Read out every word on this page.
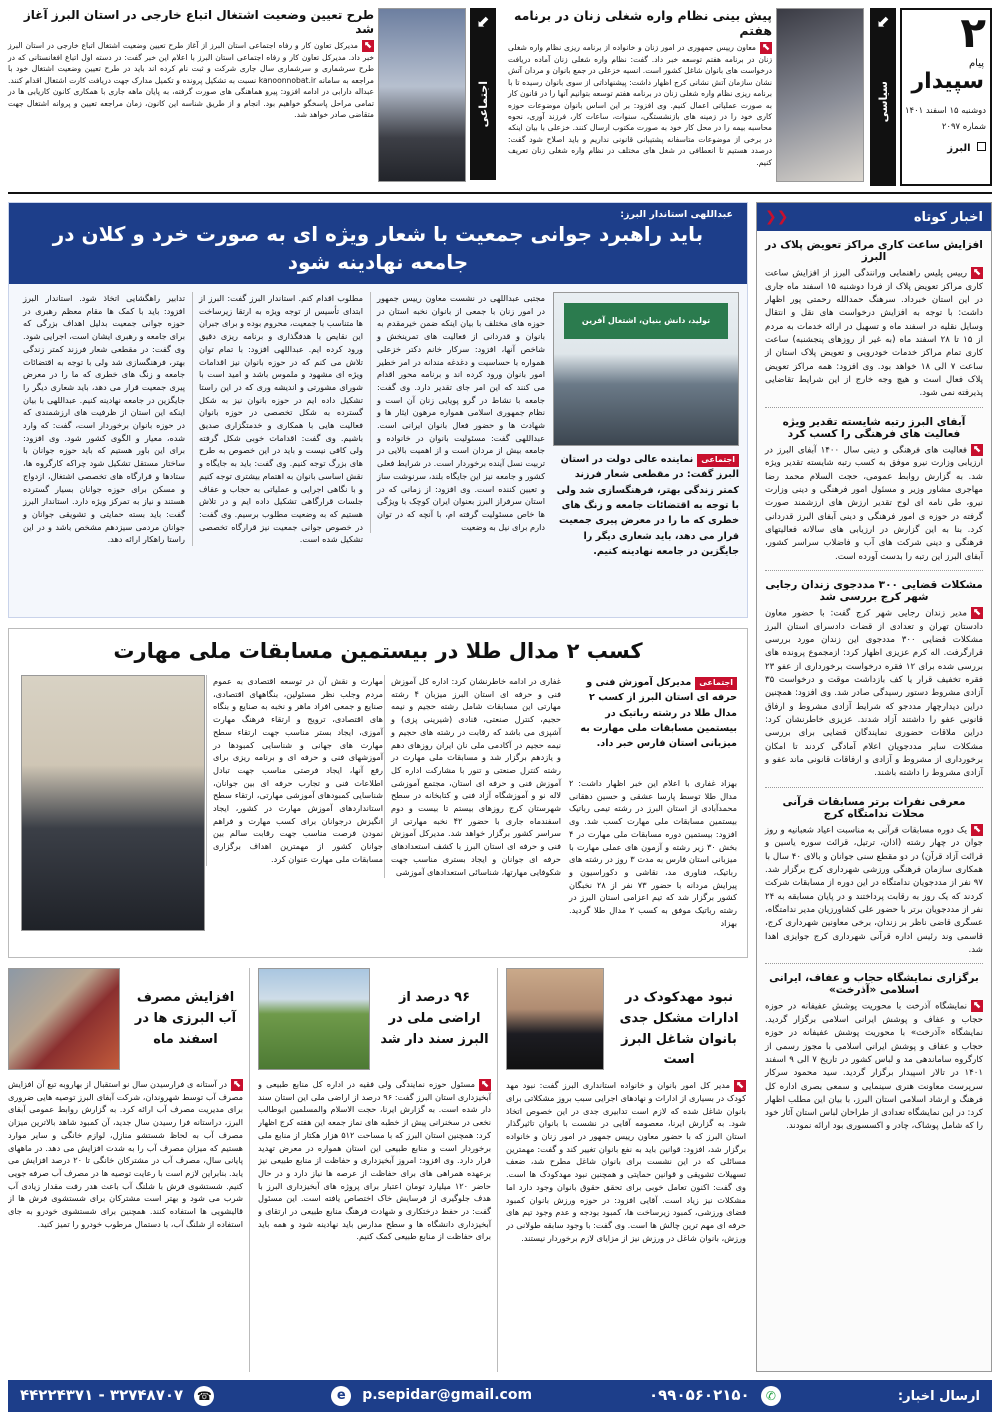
۲
پیام
سپیدار
دوشنبه ۱۵ اسفند ۱۴۰۱
شماره ۲۰۹۷
البرز
⬋
سیاسی
پیش بینی نظام واره شغلی زنان در برنامه هفتم

⬉معاون رییس جمهوری در امور زنان و خانواده از برنامه ریزی نظام واره شغلی زنان در برنامه هفتم توسعه خبر داد. گفت: نظام واره شغلی زنان آماده دریافت درخواست های بانوان شاغل کشور است. انسیه خزعلی در جمع بانوان و مردان آتش نشان سازمان آتش نشانی کرج اظهار داشت: پیشنهاداتی از سوی بانوان رسیده تا با برنامه ریزی نظام واره شغلی زنان در برنامه هفتم توسعه بتوانیم آنها را در قانون کار به صورت عملیاتی اعمال کنیم. وی افزود: بر این اساس بانوان موضوعات حوزه کاری خود را در زمینه های بازنشستگی، سنوات، ساعات کار، فرزند آوری، نحوه محاسبه بیمه را در محل کار خود به صورت مکتوب ارسال کنند. خزعلی با بیان اینکه در برخی از موضوعات متاسفانه پشتیبانی قانونی نداریم و باید اصلاح شود گفت: درصدد هستیم تا انعطافی در شغل های مختلف در نظام واره شغلی زنان تعریف کنیم.

⬋
اجتماعی
طرح تعیین وضعیت اشتغال اتباع خارجی در استان البرز آغاز شد

⬉مدیرکل تعاون کار و رفاه اجتماعی استان البرز از آغاز طرح تعیین وضعیت اشتغال اتباع خارجی در استان البرز خبر داد. مدیرکل تعاون کار و رفاه اجتماعی استان البرز با اعلام این خبر گفت: در دسته اول اتباع افغانستانی که در طرح سرشماری و سرشماری سال جاری شرکت و ثبت نام کرده اند باید در طرح تعیین وضعیت اشتغال خود با مراجعه به سامانه kanoonnobat.ir نسبت به تشکیل پرونده و تکمیل مدارک جهت دریافت کارت اشتغال اقدام کنند. عبداله دارابی در ادامه افزود: پیرو هماهنگی های صورت گرفته، به پایان ماهه جاری با همکاری کانون کاریابی ها در تمامی مراحل پاسخگو خواهیم بود. انجام و از طریق شناسه این کانون، زمان مراجعه تعیین و پروانه اشتغال جهت متقاضی صادر خواهد شد.

اخبار کوتاه
❮❮
افزایش ساعت کاری مراکز تعویض پلاک در البرز

⬉رییس پلیس راهنمایی ورانندگی البرز از افزایش ساعت کاری مراکز تعویض پلاک از فردا دوشنبه ۱۵ اسفند ماه جاری در این استان خبرداد. سرهنگ حمدالله رحمتی پور اظهار داشت: با توجه به افزایش درخواست های نقل و انتقال وسایل نقلیه در اسفند ماه و تسهیل در ارائه خدمات به مردم از ۱۵ تا ۲۸ اسفند ماه (به غیر از روزهای پنجشنبه) ساعت کاری تمام مراکز خدمات خودرویی و تعویض پلاک استان از ساعت ۷ الی ۱۸ خواهد بود. وی افزود: همه مراکز تعویض پلاک فعال است و هیچ وجه خارج از این شرایط تقاضایی پذیرفته نمی شود.

آبفای البرز رتبه شایسته تقدیر ویژه فعالیت های فرهنگی را کسب کرد

⬉فعالیت های فرهنگی و دینی سال ۱۴۰۰ آبفای البرز در ارزیابی وزارت نیرو موفق به کسب رتبه شایسته تقدیر ویژه شد. به گزارش روابط عمومی، حجت السلام محمد رضا مهاجری مشاور وزیر و مسئول امور فرهنگی و دینی وزارت نیرو، طی نامه ای لوح تقدیر ارزش های ارزشمند صورت گرفته در حوزه ی امور فرهنگی و دینی آبفای البرز قدردانی کرد. بنا به این گزارش در ارزیابی های سالانه فعالیتهای فرهنگی و دینی شرکت های آب و فاضلاب سراسر کشور، آبفای البرز این رتبه را بدست آورده است.

مشکلات قضایی ۳۰۰ مددجوی زندان رجایی شهر کرج بررسی شد

⬉مدیر زندان رجایی شهر کرج گفت: با حضور معاون دادستان تهران و تعدادی از قضات دادسرای استان البرز مشکلات قضایی ۳۰۰ مددجوی این زندان مورد بررسی قرارگرفت. اله کرم عزیزی اظهار کرد: ازمجموع پرونده های بررسی شده برای ۱۲ فقره درخواست برخورداری از عفو ۲۳ فقره تخفیف قرار یا کف بازداشت موقت و درخواست ۳۵ آزادی مشروط دستور رسیدگی صادر شد. وی افزود: همچنین دراین دیدارچهار مددجو که شرایط آزادی مشروط و ارفاق قانونی عفو را داشتند آزاد شدند. عزیزی خاطرنشان کرد: دراین ملاقات حضوری نمایندگان قضایی برای بررسی مشکلات سایر مددجویان اعلام آمادگی کردند تا امکان برخورداری از مشروط و آزادی و ارفاقات قانونی ماند عفو و آزادی مشروط را داشته باشند.

معرفی نفرات برتر مسابقات قرآنی محلات ندامتگاه کرج

⬉یک دوره مسابقات قرآنی به مناسبت اعیاد شعبانیه و روز جوان در چهار رشته (اذان، ترتیل، قرائت سوره یاسین و قرائت آزاد قرآن) در دو مقطع سنی جوانان و بالای ۴۰ سال با همکاری سازمان فرهنگی ورزشی شهرداری کرج برگزار شد. ۹۷ نفر از مددجویان ندامتگاه در این دوره از مسابقات شرکت کردند که یک روز به رقابت پرداختند و در پایان مسابقه به ۲۴ نفر از مددجویان برتر با حضور علی کشاورزیان مدیر ندامتگاه، عسگری قاضی ناظر بر زندان، برخی معاونین شهرداری کرج، قاسمی وند رئیس اداره قرآنی شهرداری کرج جوایزی اهدا شد.

برگزاری نمایشگاه حجاب و عفاف، ایرانی اسلامی «آذرخت»

⬉نمایشگاه آذرخت با محوریت پوشش عفیفانه در حوزه حجاب و عفاف و پوشش ایرانی اسلامی برگزار گردید. نمایشگاه «آذرخت» با محوریت پوشش عفیفانه در حوزه حجاب و عفاف و پوشش ایرانی اسلامی با مجوز رسمی از کارگروه ساماندهی مد و لباس کشور در تاریخ ۷ الی ۹ اسفند ۱۴۰۱ در تالار اسپیدار برگزار گردید. سید محمود سرکار سرپرست معاونت هنری سینمایی و سمعی بصری اداره کل فرهنگ و ارشاد اسلامی استان البرز، با بیان این مطلب اظهار کرد: در این نمایشگاه تعدادی از طراحان لباس استان آثار خود را که شامل پوشاک، چادر و اکسسوری بود ارائه نمودند.

عبداللهی استاندار البرز:
باید راهبرد جوانی جمعیت با شعار ویژه ای به صورت خرد و کلان در جامعه نهادینه شود
تولید، دانش بنیان، اشتغال آفرین

اجتماعینماینده عالی دولت در استان البرز گفت: در مقطعی شعار فرزند کمتر زندگی بهتر، فرهنگسازی شد ولی با توجه به اقتضائات جامعه و زنگ های خطری که ما را در معرض پیری جمعیت قرار می دهد، باید شعاری دیگر را جایگزین در جامعه نهادینه کنیم.

مجتبی عبداللهی در نشست معاون رییس جمهور در امور زنان با جمعی از بانوان نخبه استان در حوزه های مختلف با بیان اینکه ضمن خیرمقدم به بانوان و قدردانی از فعالیت های تمرینخش و شاخص آنها، افزود: سرکار خانم دکتر خزعلی همواره با حساسیت و دغدغه مندانه در امر خطیر امور بانوان ورود کرده اند و برنامه محور اقدام می کنند که این امر جای تقدیر دارد. وی گفت: جامعه با نشاط در گرو پویایی زنان آن است و نظام جمهوری اسلامی همواره مرهون ایثار ها و شهادت ها و حضور فعال بانوان ایرانی است. عبداللهی گفت: مسئولیت بانوان در خانواده و جامعه بیش از مردان است و از اهمیت بالایی در تربیت نسل آینده برخوردار است. در شرایط فعلی کشور و جامعه نیز این جایگاه بلند، سرنوشت ساز و تعیین کننده است. وی افزود: از زمانی که در استان سرفراز البرز بعنوان ایران کوچک با ویژگی ها خاص مسئولیت گرفته ام، با آنچه که در توان دارم برای نیل به وضعیت

مطلوب اقدام کنم. استاندار البرز گفت: البرز از ابتدای تأسیس از توجه ویژه به ارتقا زیرساخت ها متناسب با جمعیت، محروم بوده و برای جبران این نقایص با هدفگذاری و برنامه ریزی دقیق ورود کرده ایم. عبداللهی افزود: با تمام توان تلاش می کنم که در حوزه بانوان نیز اقدامات ویژه ای مشهود و ملموس باشد و امید است با شورای مشورتی و اندیشه وری که در این راستا تشکیل داده ایم در حوزه بانوان نیز به شکل گسترده به شکل تخصصی در حوزه بانوان فعالیت هایی با همکاری و خدمتگزاری صدیق باشیم. وی گفت: اقدامات خوبی شکل گرفته ولی کافی نیست و باید در این خصوص به طرح های بزرگ توجه کنیم. وی گفت: باید به جایگاه و نقش اساسی بانوان به اهتمام بیشتری توجه کنیم و با نگاهی اجرایی و عملیاتی به حجاب و عفاف جلسات قرارگاهی تشکیل داده ایم و در تلاش هستیم که به وضعیت مطلوب برسیم. وی گفت: در خصوص جوانی جمعیت نیز قرارگاه تخصصی تشکیل شده است.

تدابیر راهگشایی اتخاذ شود. استاندار البرز افزود: باید با کمک ها مقام معظم رهبری در حوزه جوانی جمعیت بدلیل اهداف بزرگی که برای جامعه و رهبری ایشان است، اجرایی شود. وی گفت: در مقطعی شعار فرزند کمتر زندگی بهتر، فرهنگسازی شد ولی با توجه به اقتضائات جامعه و زنگ های خطری که ما را در معرض پیری جمعیت قرار می دهد، باید شعاری دیگر را جایگزین در جامعه نهادینه کنیم. عبداللهی با بیان اینکه این استان از ظرفیت های ارزشمندی که در حوزه بانوان برخوردار است، گفت: که وارد شده، معیار و الگوی کشور شود. وی افزود: برای این باور هستیم که باید حوزه جوانان با ساختار مستقل تشکیل شود چراکه کارگروه ها، ستادها و قرارگاه های تخصصی اشتغال، ازدواج و مسکن برای حوزه جوانان بسیار گسترده هستند و نیاز به تمرکز ویژه دارد. استاندار البرز گفت: باید بسته حمایتی و تشویقی جوانان و جوانان مردمی سیزدهم مشخص باشد و در این راستا راهکار ارائه دهد.

کسب ۲ مدال طلا در بیستمین مسابقات ملی مهارت

اجتماعیمدیرکل آموزش فنی و حرفه ای استان البرز از کسب ۲ مدال طلا در رشته رباتیک در بیستمین مسابقات ملی مهارت به میزبانی استان فارس خبر داد.

بهزاد غفاری با اعلام این خبر اظهار داشت: ۲ مدال طلا توسط پارسا عشقی و حسین دهقانی محمدآبادی از استان البرز در رشته تیمی رباتیک بیستمین مسابقات ملی مهارت کسب شد. وی افزود: بیستمین دوره مسابقات ملی مهارت در ۴ بخش ۳۰ زیر رشته و آزمون های عملی مهارت با میزبانی استان فارس به مدت ۳ روز در رشته های رباتیک، فناوری مد، نقاشی و دکوراسیون و پیرایش مردانه با حضور ۷۳ نفر از ۲۸ نخبگان کشور برگزار شد که تیم اعزامی استان البرز در رشته رباتیک موفق به کسب ۲ مدال طلا گردید. بهزاد

غفاری در ادامه خاطرنشان کرد: اداره کل آموزش فنی و حرفه ای استان البرز میزبان ۴ رشته مهارتی این مسابقات شامل رشته حجیم و نیمه حجیم، کنترل صنعتی، قنادی (شیرینی پزی) و آشپزی می باشد که رقابت در رشته های حجیم و نیمه حجیم در آکادمی ملی نان ایران روزهای دهم و یازدهم برگزار شد و مسابقات ملی مهارت در رشته کنترل صنعتی و تنور با مشارکت اداره کل آموزش فنی و حرفه ای استان، مجتمع آموزشی لاله نو و آموزشگاه آزاد فنی و کتابخانه در سطح شهرستان کرج روزهای بیستم تا بیست و دوم اسفندماه جاری با حضور ۴۲ نخبه مهارتی از سراسر کشور برگزار خواهد شد. مدیرکل آموزش فنی و حرفه ای استان البرز با کشف استعدادهای حرفه ای جوانان و ایجاد بستری مناسب جهت شکوفایی مهارتها، شناسائی استعدادهای آموزشی

مهارت و نقش آن در توسعه اقتصادی به عموم مردم وجلب نظر مسئولین، بنگاههای اقتصادی، صنایع و جمعی افراد ماهر و نخبه به صنایع و بنگاه های اقتصادی، ترویج و ارتقاء فرهنگ مهارت آموزی، ایجاد بستر مناسب جهت ارتقاء سطح مهارت های جهانی و شناسایی کمبودها در آموزشهای فنی و حرفه ای و برنامه ریزی برای رفع آنها، ایجاد فرصتی مناسب جهت تبادل اطلاعات فنی و تجارب حرفه ای بین جوانان، شناسایی کمبودهای آموزشی مهارتی، ارتقاء سطح استانداردهای آموزش مهارت در کشور، ایجاد انگیزش درجوانان برای کسب مهارت و فراهم نمودن فرصت مناسب جهت رقابت سالم بین جوانان کشور از مهمترین اهداف برگزاری مسابقات ملی مهارت عنوان کرد.

نبود مهدکودک در ادارات مشکل جدی بانوان شاغل البرز است

⬉مدیر کل امور بانوان و خانواده استانداری البرز گفت: نبود مهد کودک در بسیاری از ادارات و نهادهای اجرایی سبب بروز مشکلاتی برای بانوان شاغل شده که لازم است تدابیری جدی در این خصوص اتخاذ شود. به گزارش ایرنا، معصومه آقایی در نشست با بانوان تاثیرگذار استان البرز که با حضور معاون رییس جمهور در امور زنان و خانواده برگزار شد، افزود: قوانین باید به نفع بانوان تغییر کند و گفت: مهمترین مسائلی که در این نشست برای بانوان شاغل مطرح شد، ضعف تسهیلات تشویقی و قوانین حمایتی و همچنین نبود مهدکودک ها است. وی گفت: اکنون تعامل خوبی برای تحقق حقوق بانوان وجود دارد اما مشکلات نیز زیاد است. آقایی افزود: در حوزه ورزش بانوان کمبود فضای ورزشی، کمبود زیرساخت ها، کمبود بودجه و عدم وجود تیم های حرفه ای مهم ترین چالش ها است. وی گفت: با وجود سابقه طولانی در ورزش، بانوان شاغل در ورزش نیز از مزایای لازم برخوردار نیستند.

۹۶ درصد از اراضی ملی در البرز سند دار شد

⬉مسئول حوزه نمایندگی ولی فقیه در اداره کل منابع طبیعی و آبخیزداری استان البرز گفت: ۹۶ درصد از اراضی ملی این استان سند دار شده است. به گزارش ایرنا، حجت الاسلام والمسلمین ابوطالب نخعی در سخنرانی پیش از خطبه های نماز جمعه این هفته کرج اظهار کرد: همچنین استان البرز که با مساحت ۵۱۲ هزار هکتار از منابع ملی برخوردار است و منابع طبیعی این استان همواره در معرض تهدید قرار دارد. وی افزود: امروز آبخیزداری و حفاظت از منابع طبیعی نیز برعهده همراهی های برای حفاظت از عرصه ها نیاز دارد و در حال حاضر ۱۲۰ میلیارد تومان اعتبار برای پروژه های آبخیزداری البرز با هدف جلوگیری از فرسایش خاک اختصاص یافته است. این مسئول گفت: در حفظ درختکاری و شهادت فرهنگ منابع طبیعی در ارتقای و آبخیزداری دانشگاه ها و سطح مدارس باید نهادینه شود و همه باید برای حفاظت از منابع طبیعی کمک کنیم.

افزایش مصرف آب البرزی ها در اسفند ماه

⬉در آستانه ی فرارسیدن سال نو استقبال از بهاروبه تبع آن افزایش مصرف آب توسط شهروندان، شرکت آبفای البرز توصیه هایی ضروری برای مدیریت مصرف آب ارائه کرد. به گزارش روابط عمومی آبفای البرز، دراستانه فرا رسیدن سال جدید، آن کمبود شاهد بالاترین میزان مصرف آب به لحاظ شستشو منازل، لوازم خانگی و سایر موارد هستیم که میزان مصرف آب را به شدت افزایش می دهد. در ماههای پایانی سال، مصرف آب در مشترکان خانگی تا ۲۰ درصد افزایش می یابد. بنابراین لازم است با رعایت توصیه ها در مصرف آب صرفه جویی کنیم. شستشوی فرش با شلنگ آب باعث هدر رفت مقدار زیادی آب شرب می شود و بهتر است مشترکان برای شستشوی فرش ها از قالیشویی ها استفاده کنند. همچنین برای شستشوی خودرو به جای استفاده از شلنگ آب، با دستمال مرطوب خودرو را تمیز کنید.

ارسال اخبار:
✆ ۰۹۹۰۵۶۰۲۱۵۰
e p.sepidar@gmail.com
☎ ۳۲۷۴۸۷۰۷ - ۴۴۲۲۴۳۷۱
